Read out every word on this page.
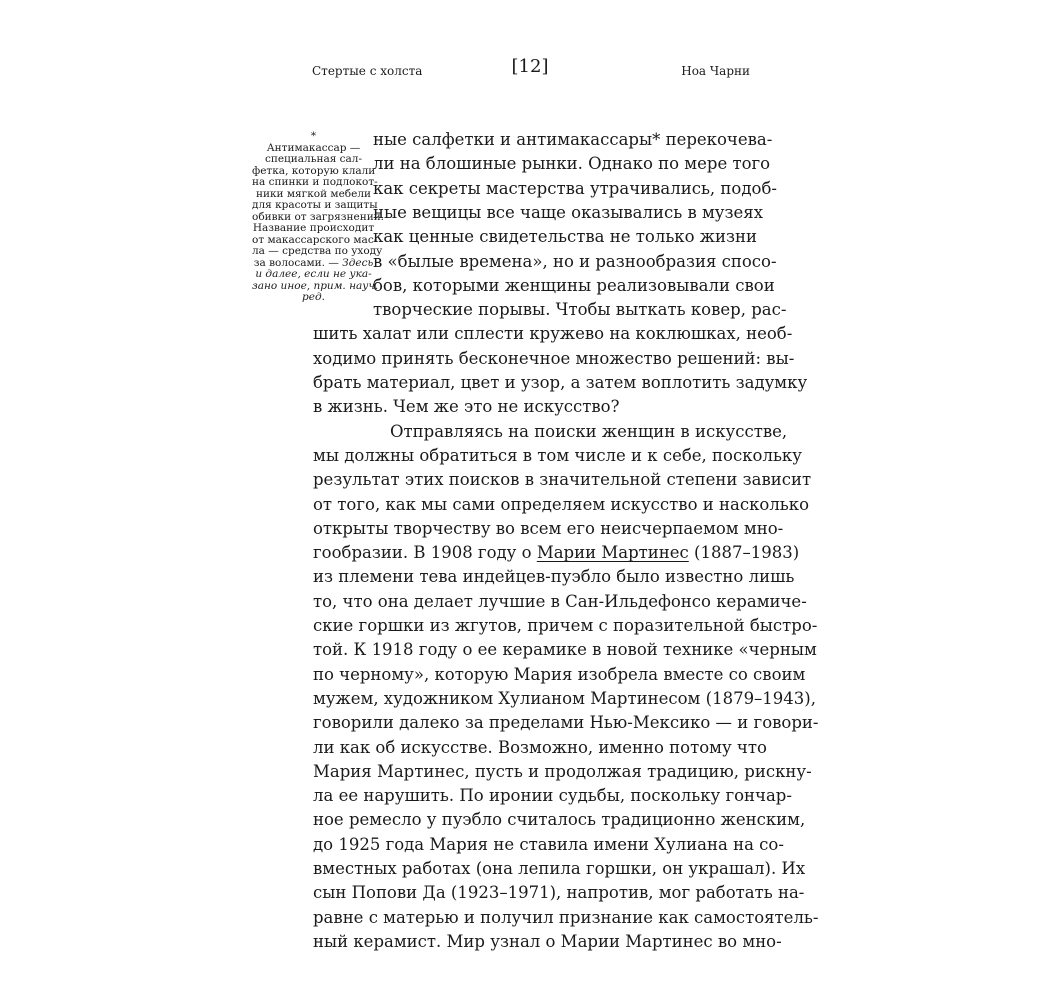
Стертые с холста	[12]	Ноа Чарни
*
Антимакассар —
специальная сал-
фетка, которую клали
на спинки и подлокот-
ники мягкой мебели
для красоты и защиты
обивки от загрязнений.
Название происходит
от макассарского мас-
ла — средства по уходу
за волосами. — Здесь
и далее, если не ука-
зано иное, прим. науч.
ред.
ные салфетки и антимакассары* перекочева-
ли на блошиные рынки. Однако по мере того
как секреты мастерства утрачивались, подоб-
ные вещицы все чаще оказывались в музеях
как ценные свидетельства не только жизни
в «былые времена», но и разнообразия спосо-
бов, которыми женщины реализовывали свои
творческие порывы. Чтобы выткать ковер, рас-
шить халат или сплести кружево на коклюшках, необ-
ходимо принять бесконечное множество решений: вы-
брать материал, цвет и узор, а затем воплотить задумку
в жизнь. Чем же это не искусство?
Отправляясь на поиски женщин в искусстве,
мы должны обратиться в том числе и к себе, поскольку
результат этих поисков в значительной степени зависит
от того, как мы сами определяем искусство и насколько
открыты творчеству во всем его неисчерпаемом мно-
гообразии. В 1908 году о Марии Мартинес (1887–1983)
из племени тева индейцев-пуэбло было известно лишь
то, что она делает лучшие в Сан-Ильдефонсо керамиче-
ские горшки из жгутов, причем с поразительной быстро-
той. К 1918 году о ее керамике в новой технике «черным
по черному», которую Мария изобрела вместе со своим
мужем, художником Хулианом Мартинесом (1879–1943),
говорили далеко за пределами Нью-Мексико — и говори-
ли как об искусстве. Возможно, именно потому что
Мария Мартинес, пусть и продолжая традицию, рискну-
ла ее нарушить. По иронии судьбы, поскольку гончар-
ное ремесло у пуэбло считалось традиционно женским,
до 1925 года Мария не ставила имени Хулиана на со-
вместных работах (она лепила горшки, он украшал). Их
сын Попови Да (1923–1971), напротив, мог работать на-
равне с матерью и получил признание как самостоятель-
ный керамист. Мир узнал о Марии Мартинес во мно-
